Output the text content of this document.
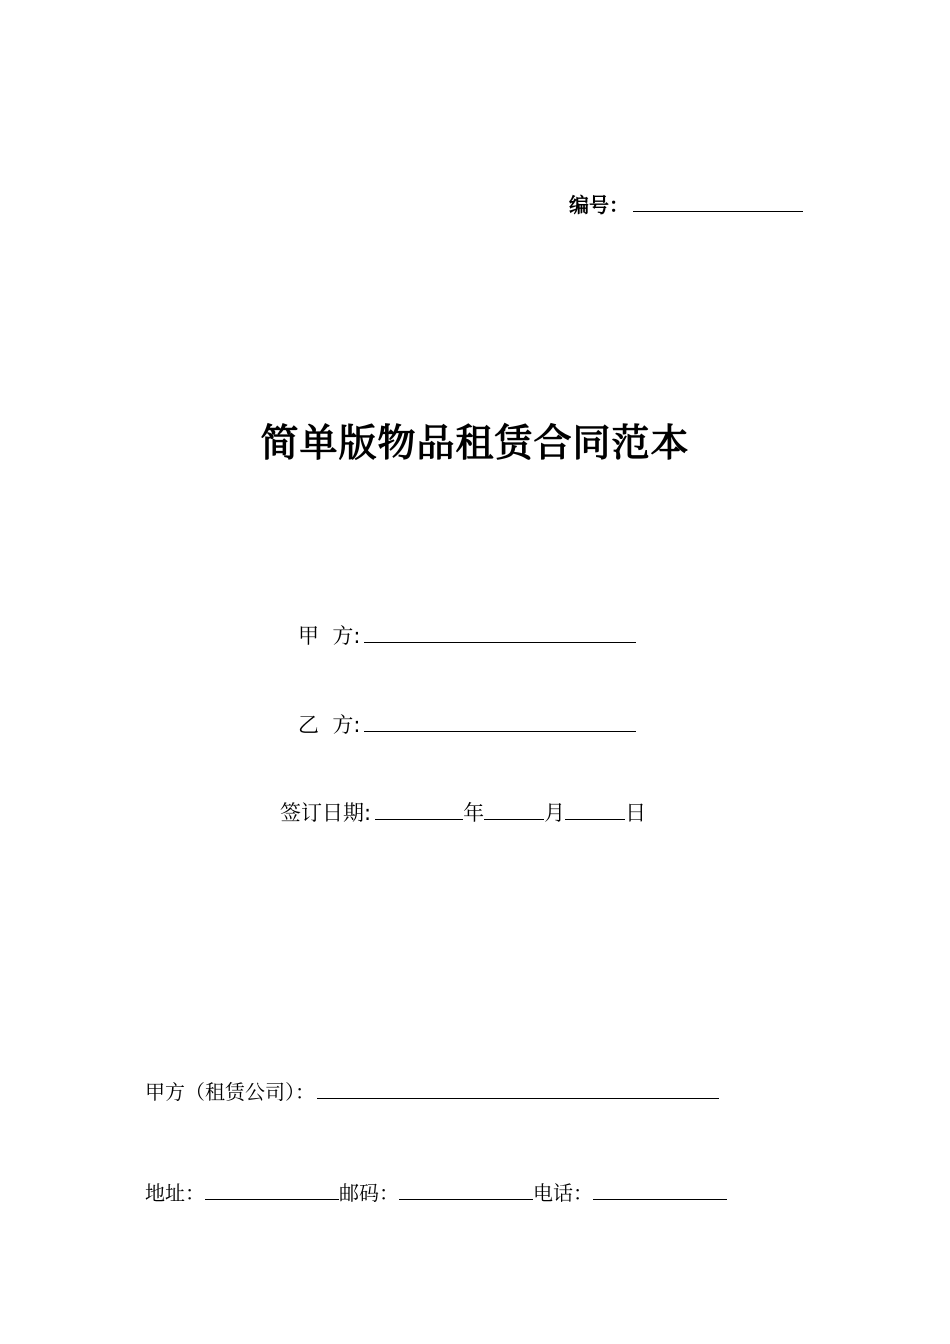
编号：
简单版物品租赁合同范本
甲  方:
乙  方:
签订日期:	年	月	日
甲方（租赁公司）：
地址：	邮码：	电话：
